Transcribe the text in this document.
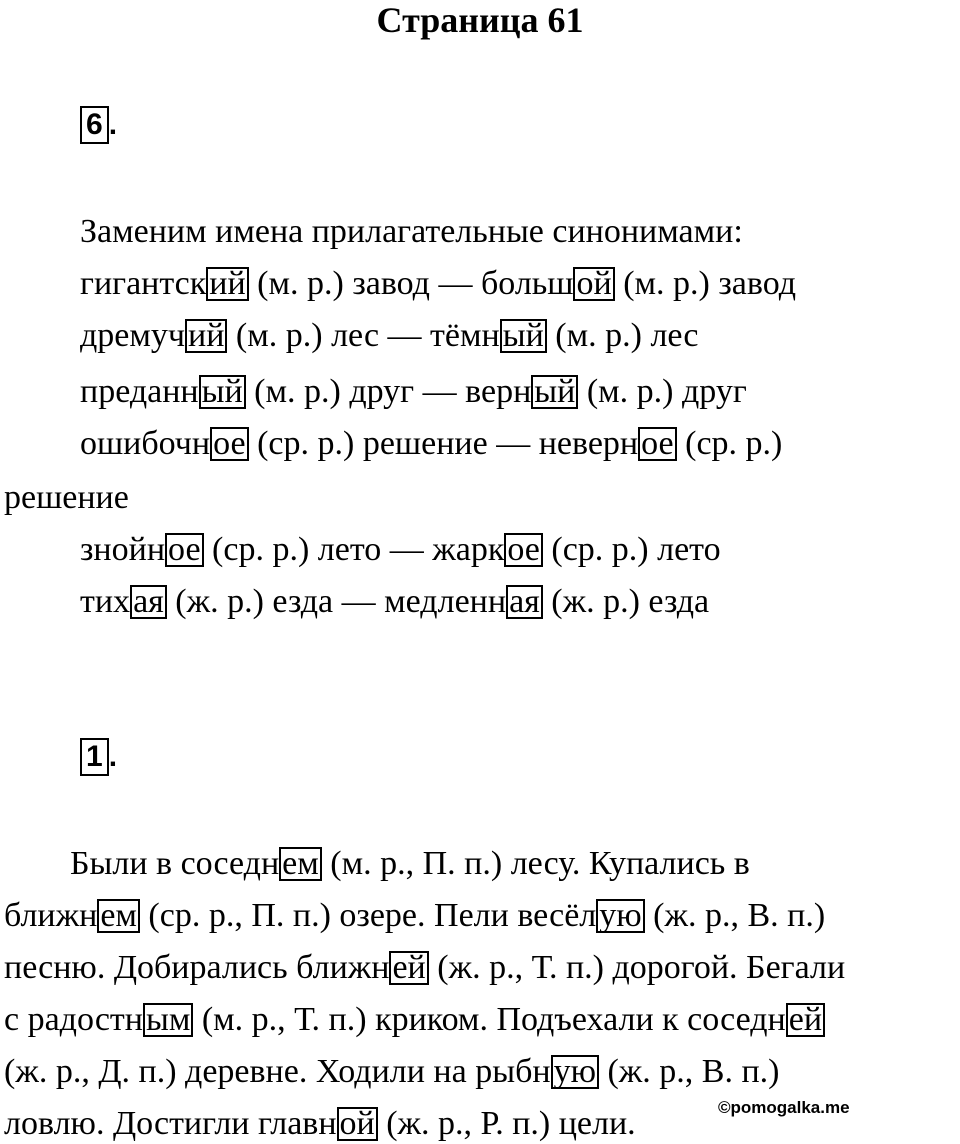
Страница 61
6 .
Заменим имена прилагательные синонимами:
гигантский (м. р.) завод — большой (м. р.) завод
дремучий (м. р.) лес — тёмный (м. р.) лес
преданный (м. р.) друг — верный (м. р.) друг
ошибочное (ср. р.) решение — неверное (ср. р.)
решение
знойное (ср. р.) лето — жаркое (ср. р.) лето
тихая (ж. р.) езда — медленная (ж. р.) езда
1 .
Были в соседнем (м. р., П. п.) лесу. Купались в
ближнем (ср. р., П. п.) озере. Пели весёлую (ж. р., В. п.)
песню. Добирались ближней (ж. р., Т. п.) дорогой. Бегали
с радостным (м. р., Т. п.) криком. Подъехали к соседней
(ж. р., Д. п.) деревне. Ходили на рыбную (ж. р., В. п.)
ловлю. Достигли главной (ж. р., Р. п.) цели.	©pomogalka.me
